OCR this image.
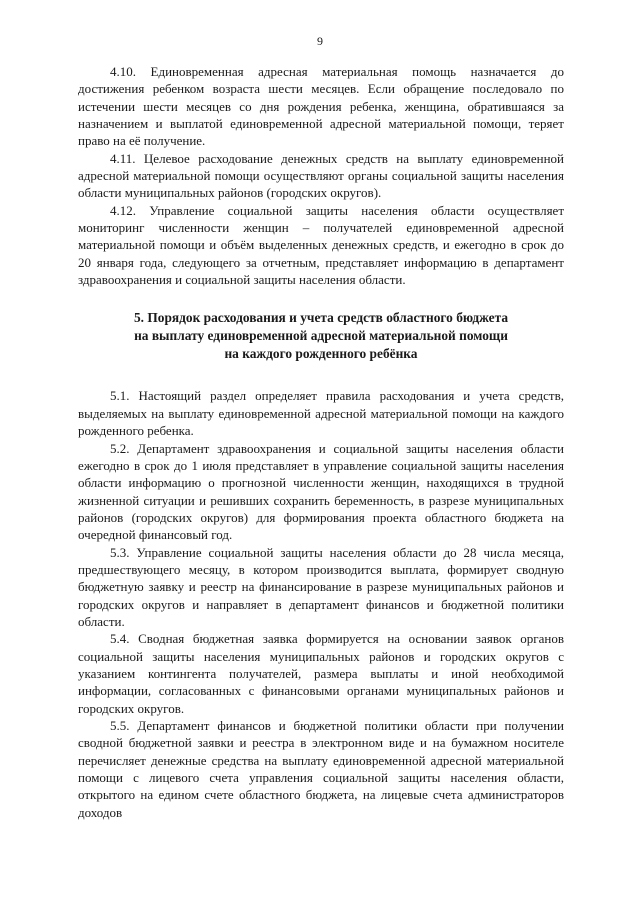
9

4.10. Единовременная адресная материальная помощь назначается до достижения ребенком возраста шести месяцев. Если обращение последовало по истечении шести месяцев со дня рождения ребенка, женщина, обратившаяся за назначением и выплатой единовременной адресной материальной помощи, теряет право на её получение.

4.11. Целевое расходование денежных средств на выплату единовременной адресной материальной помощи осуществляют органы социальной защиты населения области муниципальных районов (городских округов).

4.12. Управление социальной защиты населения области осуществляет мониторинг численности женщин – получателей единовременной адресной материальной помощи и объём выделенных денежных средств, и ежегодно в срок до 20 января года, следующего за отчетным, представляет информацию в департамент здравоохранения и социальной защиты населения области.

5. Порядок расходования и учета средств областного бюджета
на выплату единовременной адресной материальной помощи
на каждого рожденного ребёнка

5.1. Настоящий раздел определяет правила расходования и учета средств, выделяемых на выплату единовременной адресной материальной помощи на каждого рожденного ребенка.

5.2. Департамент здравоохранения и социальной защиты населения области ежегодно в срок до 1 июля представляет в управление социальной защиты населения области информацию о прогнозной численности женщин, находящихся в трудной жизненной ситуации и решивших сохранить беременность, в разрезе муниципальных районов (городских округов) для формирования проекта областного бюджета на очередной финансовый год.

5.3. Управление социальной защиты населения области до 28 числа месяца, предшествующего месяцу, в котором производится выплата, формирует сводную бюджетную заявку и реестр на финансирование в разрезе муниципальных районов и городских округов и направляет в департамент финансов и бюджетной политики области.

5.4. Сводная бюджетная заявка формируется на основании заявок органов социальной защиты населения муниципальных районов и городских округов с указанием контингента получателей, размера выплаты и иной необходимой информации, согласованных с финансовыми органами муниципальных районов и городских округов.

5.5. Департамент финансов и бюджетной политики области при получении сводной бюджетной заявки и реестра в электронном виде и на бумажном носителе перечисляет денежные средства на выплату единовременной адресной материальной помощи с лицевого счета управления социальной защиты населения области, открытого на едином счете областного бюджета, на лицевые счета администраторов доходов
